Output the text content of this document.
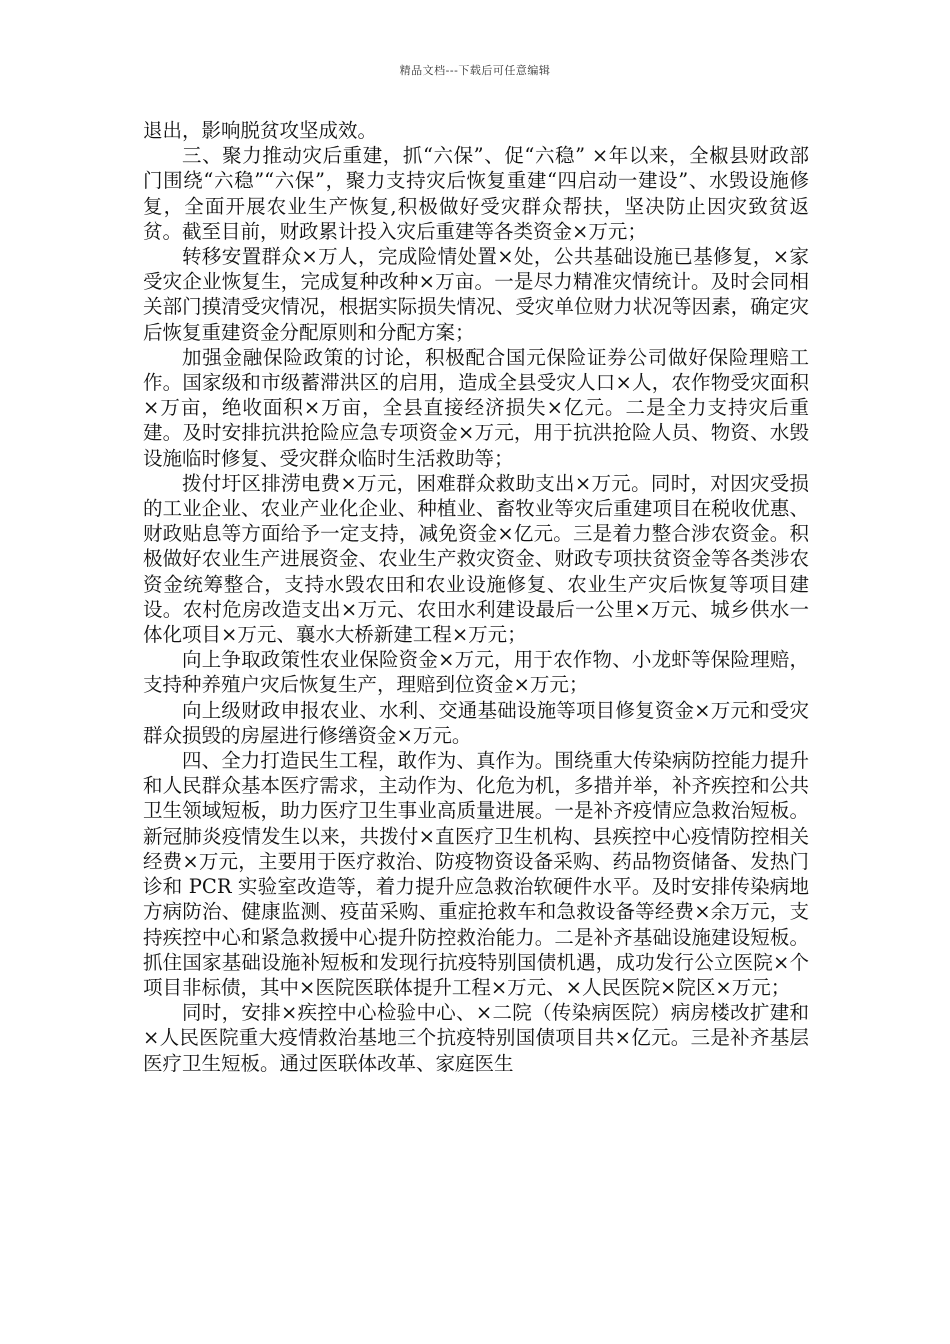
精品文档---下载后可任意编辑

退出，影响脱贫攻坚成效。

三、聚力推动灾后重建，抓“六保”、促“六稳” ×年以来，全椒县财政部门围绕“六稳”“六保”，聚力支持灾后恢复重建“四启动一建设”、水毁设施修复，全面开展农业生产恢复,积极做好受灾群众帮扶，坚决防止因灾致贫返贫。截至目前，财政累计投入灾后重建等各类资金×万元；

转移安置群众×万人，完成险情处置×处，公共基础设施已基修复，×家受灾企业恢复生，完成复种改种×万亩。一是尽力精准灾情统计。及时会同相关部门摸清受灾情况，根据实际损失情况、受灾单位财力状况等因素，确定灾后恢复重建资金分配原则和分配方案；

加强金融保险政策的讨论，积极配合国元保险证券公司做好保险理赔工作。国家级和市级蓄滞洪区的启用，造成全县受灾人口×人，农作物受灾面积×万亩，绝收面积×万亩，全县直接经济损失×亿元。二是全力支持灾后重建。及时安排抗洪抢险应急专项资金×万元，用于抗洪抢险人员、物资、水毁设施临时修复、受灾群众临时生活救助等；

拨付圩区排涝电费×万元，困难群众救助支出×万元。同时，对因灾受损的工业企业、农业产业化企业、种植业、畜牧业等灾后重建项目在税收优惠、财政贴息等方面给予一定支持，减免资金×亿元。三是着力整合涉农资金。积极做好农业生产进展资金、农业生产救灾资金、财政专项扶贫资金等各类涉农资金统筹整合，支持水毁农田和农业设施修复、农业生产灾后恢复等项目建设。农村危房改造支出×万元、农田水利建设最后一公里×万元、城乡供水一体化项目×万元、襄水大桥新建工程×万元；

向上争取政策性农业保险资金×万元，用于农作物、小龙虾等保险理赔，支持种养殖户灾后恢复生产，理赔到位资金×万元；

向上级财政申报农业、水利、交通基础设施等项目修复资金×万元和受灾群众损毁的房屋进行修缮资金×万元。

四、全力打造民生工程，敢作为、真作为。围绕重大传染病防控能力提升和人民群众基本医疗需求，主动作为、化危为机，多措并举，补齐疾控和公共卫生领域短板，助力医疗卫生事业高质量进展。一是补齐疫情应急救治短板。新冠肺炎疫情发生以来，共拨付×直医疗卫生机构、县疾控中心疫情防控相关经费×万元，主要用于医疗救治、防疫物资设备采购、药品物资储备、发热门诊和 PCR 实验室改造等，着力提升应急救治软硬件水平。及时安排传染病地方病防治、健康监测、疫苗采购、重症抢救车和急救设备等经费×余万元，支持疾控中心和紧急救援中心提升防控救治能力。二是补齐基础设施建设短板。抓住国家基础设施补短板和发现行抗疫特别国债机遇，成功发行公立医院×个项目非标债，其中×医院医联体提升工程×万元、×人民医院×院区×万元；

同时，安排×疾控中心检验中心、×二院（传染病医院）病房楼改扩建和×人民医院重大疫情救治基地三个抗疫特别国债项目共×亿元。三是补齐基层医疗卫生短板。通过医联体改革、家庭医生
